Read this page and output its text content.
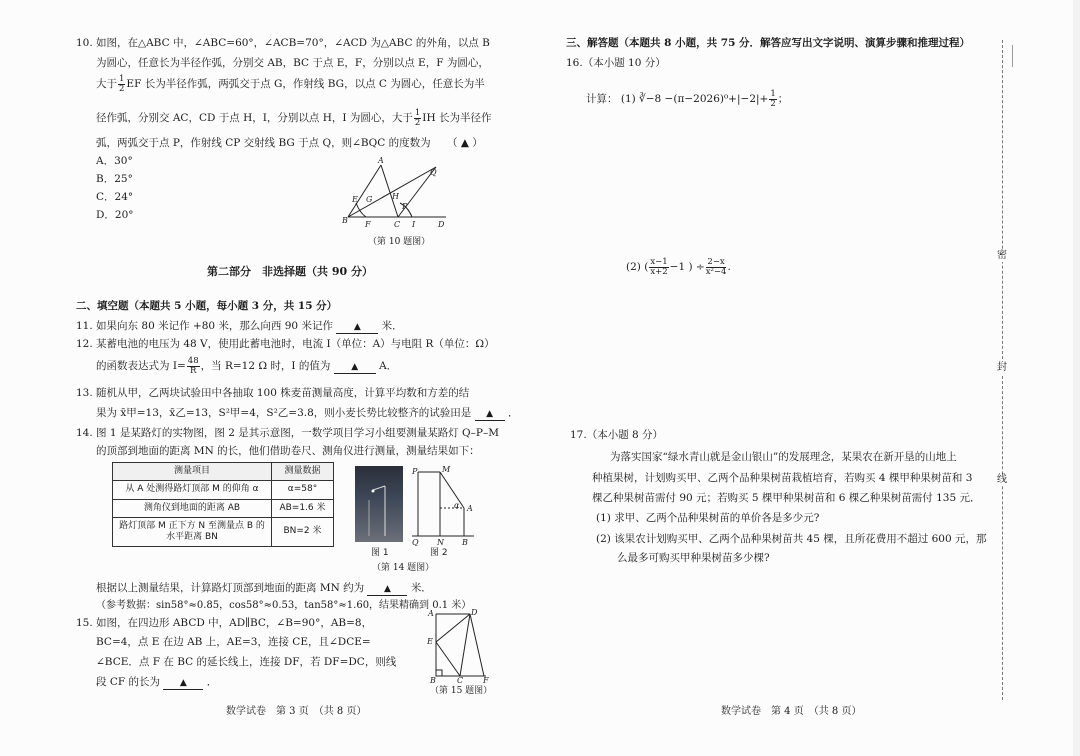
10. 如图，在△ABC 中，∠ABC=60°，∠ACB=70°，∠ACD 为△ABC 的外角，以点 B
为圆心，任意长为半径作弧，分别交 AB，BC 于点 E，F，分别以点 E，F 为圆心，
大于 $\frac{1}{2}$ EF 长为半径作弧，两弧交于点 G，作射线 BG，以点 C 为圆心，任意长为半
径作弧，分别交 AC，CD 于点 H，I，分别以点 H，I 为圆心，大于 $\frac{1}{2}$ IH 长为半径作
弧，两弧交于点 P，作射线 CP 交射线 BG 于点 Q，则∠BQC 的度数为 （ ▲ ）
A．30°
B．25°
C．24°
D．20°
A
Q
E G H
P
B F	C I	D
（第 10 题图）
第二部分　非选择题（共 90 分）
二、填空题（本题共 5 小题，每小题 3 分，共 15 分）
11. 如果向东 80 米记作 +80 米，那么向西 90 米记作 ▲ 米．
12. 某蓄电池的电压为 48 V，使用此蓄电池时，电流 I（单位：A）与电阻 R（单位：Ω）
的函数表达式为 $I= \frac{48}{R}$ ，当 R=12 Ω 时，I 的值为 ▲ A．
13. 随机从甲，乙两块试验田中各抽取 100 株麦苗测量高度，计算平均数和方差的结
果为 x̄甲=13，x̄乙=13，S²甲=4，S²乙=3.8，则小麦长势比较整齐的试验田是 ▲ ．
14. 图 1 是某路灯的实物图，图 2 是其示意图，一数学项目学习小组要测量某路灯 Q–P–M
的顶部到地面的距离 MN 的长，他们借助卷尺、测角仪进行测量，测量结果如下：
测量项目	测量数据
从 A 处测得路灯顶部 M 的仰角 α	α=58°
测角仪到地面的距离 AB	AB=1.6 米
路灯顶部 M 正下方 N 至测量点 B 的水平距离 BN	BN=2 米
图 1
P	M
α A
Q N B
图 2
（第 14 题图）
根据以上测量结果，计算路灯顶部到地面的距离 MN 约为 ▲ 米．
（参考数据：sin58°≈0.85，cos58°≈0.53，tan58°≈1.60，结果精确到 0.1 米）
15. 如图，在四边形 ABCD 中，AD∥BC，∠B=90°，AB=8，
BC=4，点 E 在边 AB 上，AE=3，连接 CE，且∠DCE=
∠BCE．点 F 在 BC 的延长线上，连接 DF，若 DF=DC，则线
段 CF 的长为 ▲ ．
A	D
E
B	C F
（第 15 题图）
数学试卷　第 3 页　（共 8 页）
三、解答题（本题共 8 小题，共 75 分．解答应写出文字说明、演算步骤和推理过程）
16.（本小题 10 分）
计算： (1) ∛−8 $-(\pi-2026)^0+|-2|+ \frac{1}{2}$ ；
(2) ( $\frac{x-1}{x+2} -1$ ) ÷ $\frac{2-x}{\text{x²−4}}$ .
17.（本小题 8 分）
为落实国家“绿水青山就是金山银山”的发展理念，某果农在新开垦的山地上
种植果树，计划购买甲、乙两个品种果树苗栽植培育，若购买 4 棵甲种果树苗和 3
棵乙种果树苗需付 90 元；若购买 5 棵甲种果树苗和 6 棵乙种果树苗需付 135 元．
(1) 求甲、乙两个品种果树苗的单价各是多少元?
(2) 该果农计划购买甲、乙两个品种果树苗共 45 棵，且所花费用不超过 600 元，那
么最多可购买甲种果树苗多少棵?
数学试卷　第 4 页　（共 8 页）
密
封
线
